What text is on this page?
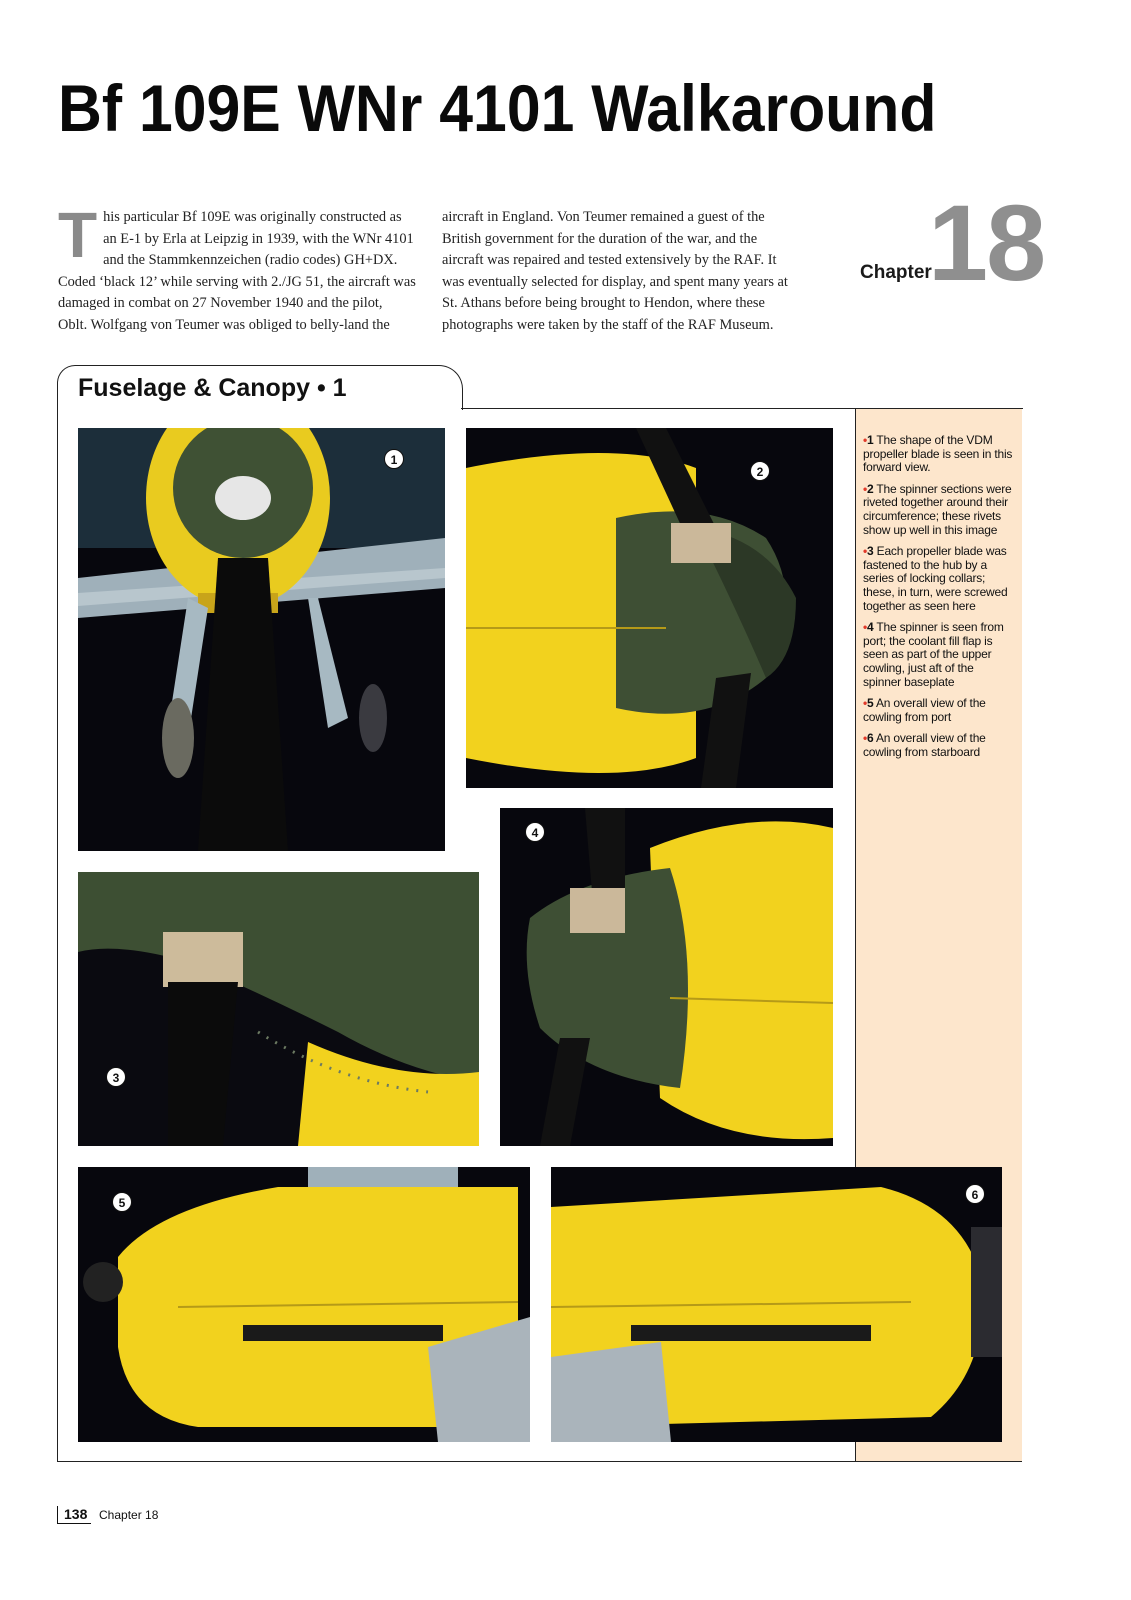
Bf 109E WNr 4101 Walkaround
T his particular Bf 109E was originally constructed as
an E-1 by Erla at Leipzig in 1939, with the WNr 4101
and the Stammkennzeichen (radio codes) GH+DX.
Coded ‘black 12’ while serving with 2./JG 51, the aircraft was
damaged in combat on 27 November 1940 and the pilot,
Oblt. Wolfgang von Teumer was obliged to belly-land the

aircraft in England. Von Teumer remained a guest of the
British government for the duration of the war, and the
aircraft was repaired and tested extensively by the RAF. It
was eventually selected for display, and spent many years at
St. Athans before being brought to Hendon, where these
photographs were taken by the staff of the RAF Museum.

Chapter
18
Fuselage & Canopy • 1

•1 The shape of the VDM propeller blade is seen in this forward view.

•2 The spinner sections were riveted together around their circumference; these rivets show up well in this image

•3 Each propeller blade was fastened to the hub by a series of locking collars; these, in turn, were screwed together as seen here

•4 The spinner is seen from port; the coolant fill flap is seen as part of the upper cowling, just aft of the spinner baseplate

•5 An overall view of the cowling from port

•6 An overall view of the cowling from starboard

1
2
3
4
5
6
138 Chapter 18
